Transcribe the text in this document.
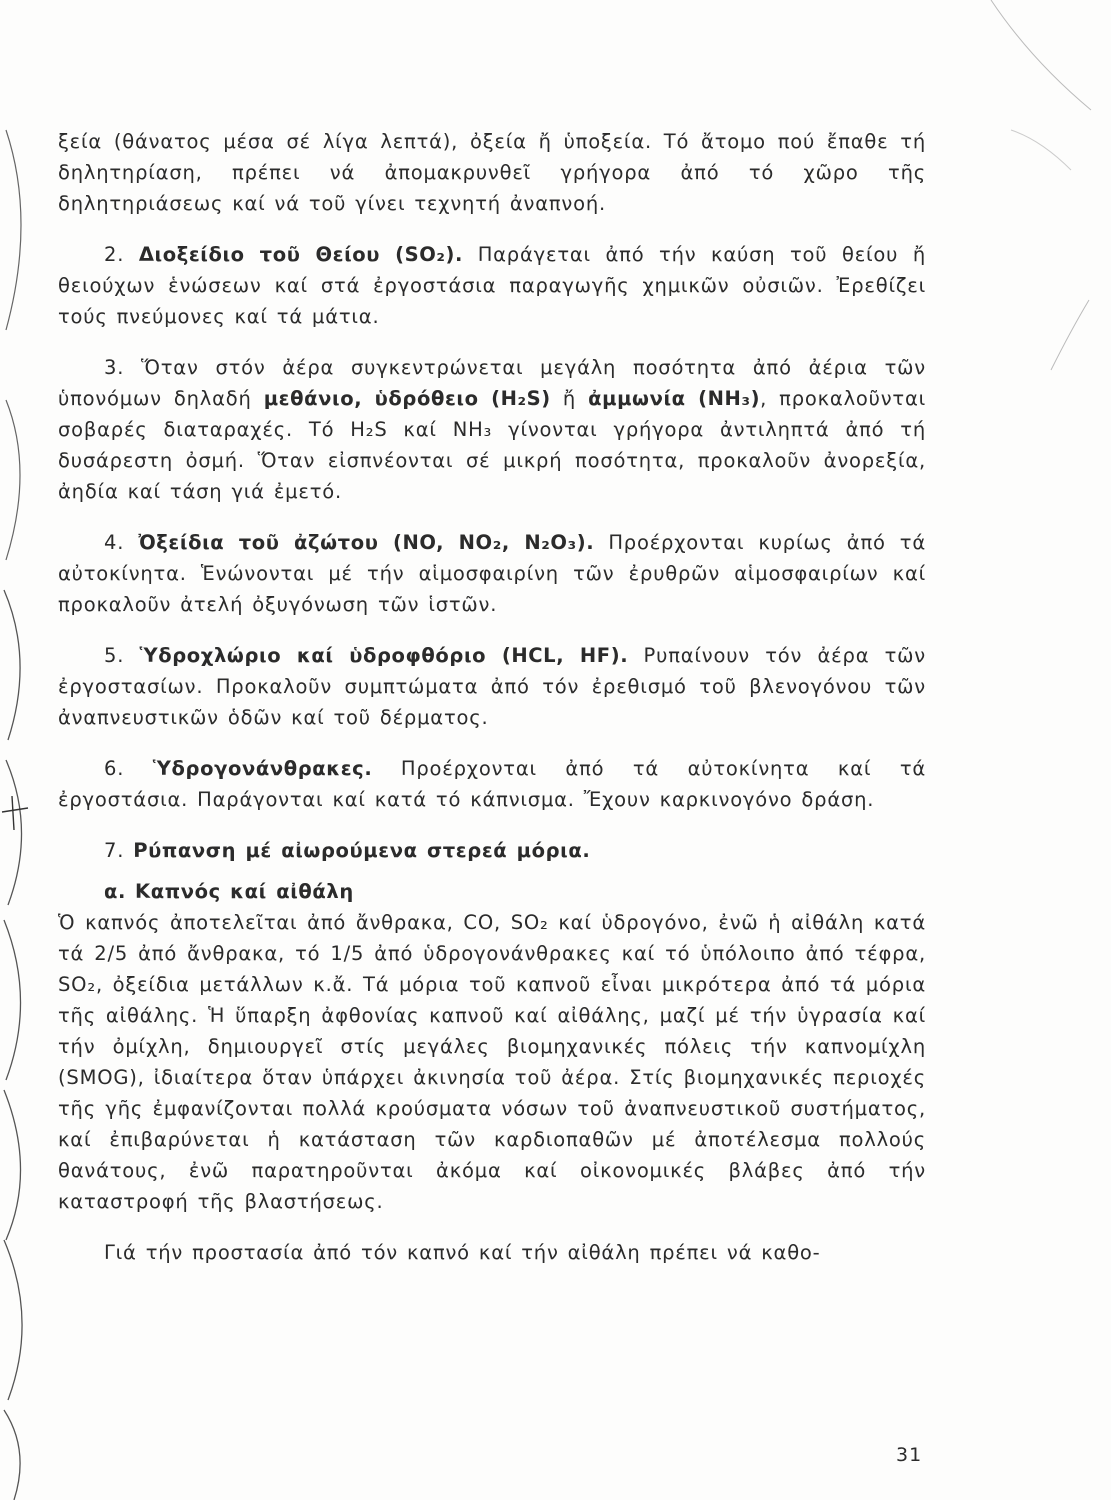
ξεία (θάνατος μέσα σέ λίγα λεπτά), ὀξεία ἤ ὑποξεία. Τό ἄτομο πού ἔπαθε τή δηλητηρίαση, πρέπει νά ἀπομακρυνθεῖ γρήγορα ἀπό τό χῶρο τῆς δηλητηριάσεως καί νά τοῦ γίνει τεχνητή ἀναπνοή.

2. Διοξείδιο τοῦ Θείου (SO₂). Παράγεται ἀπό τήν καύση τοῦ θείου ἤ θειούχων ἑνώσεων καί στά ἐργοστάσια παραγωγῆς χημικῶν οὐσιῶν. Ἐρεθίζει τούς πνεύμονες καί τά μάτια.

3. Ὅταν στόν ἀέρα συγκεντρώνεται μεγάλη ποσότητα ἀπό ἀέρια τῶν ὑπονόμων δηλαδή μεθάνιο, ὑδρόθειο (H₂S) ἤ ἀμμωνία (NH₃), προκαλοῦνται σοβαρές διαταραχές. Τό H₂S καί NH₃ γίνονται γρήγορα ἀντιληπτά ἀπό τή δυσάρεστη ὀσμή. Ὅταν εἰσπνέονται σέ μικρή ποσότητα, προκαλοῦν ἀνορεξία, ἀηδία καί τάση γιά ἐμετό.

4. Ὀξείδια τοῦ ἀζώτου (NO, NO₂, N₂O₃). Προέρχονται κυρίως ἀπό τά αὐτοκίνητα. Ἑνώνονται μέ τήν αἱμοσφαιρίνη τῶν ἐρυθρῶν αἱμοσφαιρίων καί προκαλοῦν ἀτελή ὀξυγόνωση τῶν ἱστῶν.

5. Ὑδροχλώριο καί ὑδροφθόριο (HCL, HF). Ρυπαίνουν τόν ἀέρα τῶν ἐργοστασίων. Προκαλοῦν συμπτώματα ἀπό τόν ἐρεθισμό τοῦ βλενογόνου τῶν ἀναπνευστικῶν ὁδῶν καί τοῦ δέρματος.

6. Ὑδρογονάνθρακες. Προέρχονται ἀπό τά αὐτοκίνητα καί τά ἐργοστάσια. Παράγονται καί κατά τό κάπνισμα. Ἔχουν καρκινογόνο δράση.

7. Ρύπανση μέ αἰωρούμενα στερεά μόρια.

α. Καπνός καί αἰθάλη

Ὁ καπνός ἀποτελεῖται ἀπό ἄνθρακα, CO, SO₂ καί ὑδρογόνο, ἐνῶ ἡ αἰθάλη κατά τά 2/5 ἀπό ἄνθρακα, τό 1/5 ἀπό ὑδρογονάνθρακες καί τό ὑπόλοιπο ἀπό τέφρα, SO₂, ὀξείδια μετάλλων κ.ἄ. Τά μόρια τοῦ καπνοῦ εἶναι μικρότερα ἀπό τά μόρια τῆς αἰθάλης. Ἡ ὕπαρξη ἀφθονίας καπνοῦ καί αἰθάλης, μαζί μέ τήν ὑγρασία καί τήν ὀμίχλη, δημιουργεῖ στίς μεγάλες βιομηχανικές πόλεις τήν καπνομίχλη (SMOG), ἰδιαίτερα ὅταν ὑπάρχει ἀκινησία τοῦ ἀέρα. Στίς βιομηχανικές περιοχές τῆς γῆς ἐμφανίζονται πολλά κρούσματα νόσων τοῦ ἀναπνευστικοῦ συστήματος, καί ἐπιβαρύνεται ἡ κατάσταση τῶν καρδιοπαθῶν μέ ἀποτέλεσμα πολλούς θανάτους, ἐνῶ παρατηροῦνται ἀκόμα καί οἰκονομικές βλάβες ἀπό τήν καταστροφή τῆς βλαστήσεως.

Γιά τήν προστασία ἀπό τόν καπνό καί τήν αἰθάλη πρέπει νά καθο-

31
